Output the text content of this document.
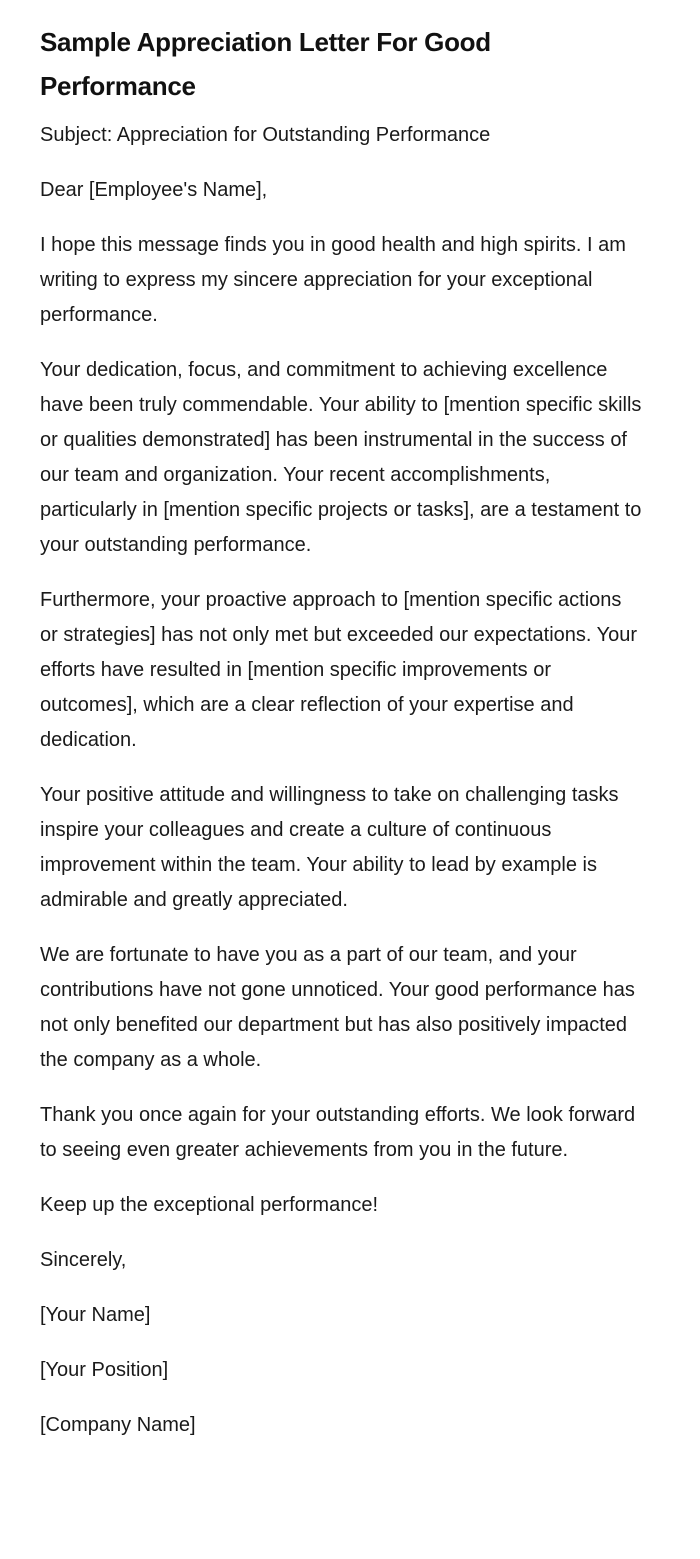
Sample Appreciation Letter For Good Performance

Subject: Appreciation for Outstanding Performance

Dear [Employee's Name],

I hope this message finds you in good health and high spirits. I am writing to express my sincere appreciation for your exceptional performance.

Your dedication, focus, and commitment to achieving excellence have been truly commendable. Your ability to [mention specific skills or qualities demonstrated] has been instrumental in the success of our team and organization. Your recent accomplishments, particularly in [mention specific projects or tasks], are a testament to your outstanding performance.

Furthermore, your proactive approach to [mention specific actions or strategies] has not only met but exceeded our expectations. Your efforts have resulted in [mention specific improvements or outcomes], which are a clear reflection of your expertise and dedication.

Your positive attitude and willingness to take on challenging tasks inspire your colleagues and create a culture of continuous improvement within the team. Your ability to lead by example is admirable and greatly appreciated.

We are fortunate to have you as a part of our team, and your contributions have not gone unnoticed. Your good performance has not only benefited our department but has also positively impacted the company as a whole.

Thank you once again for your outstanding efforts. We look forward to seeing even greater achievements from you in the future.

Keep up the exceptional performance!

Sincerely,

[Your Name]

[Your Position]

[Company Name]
